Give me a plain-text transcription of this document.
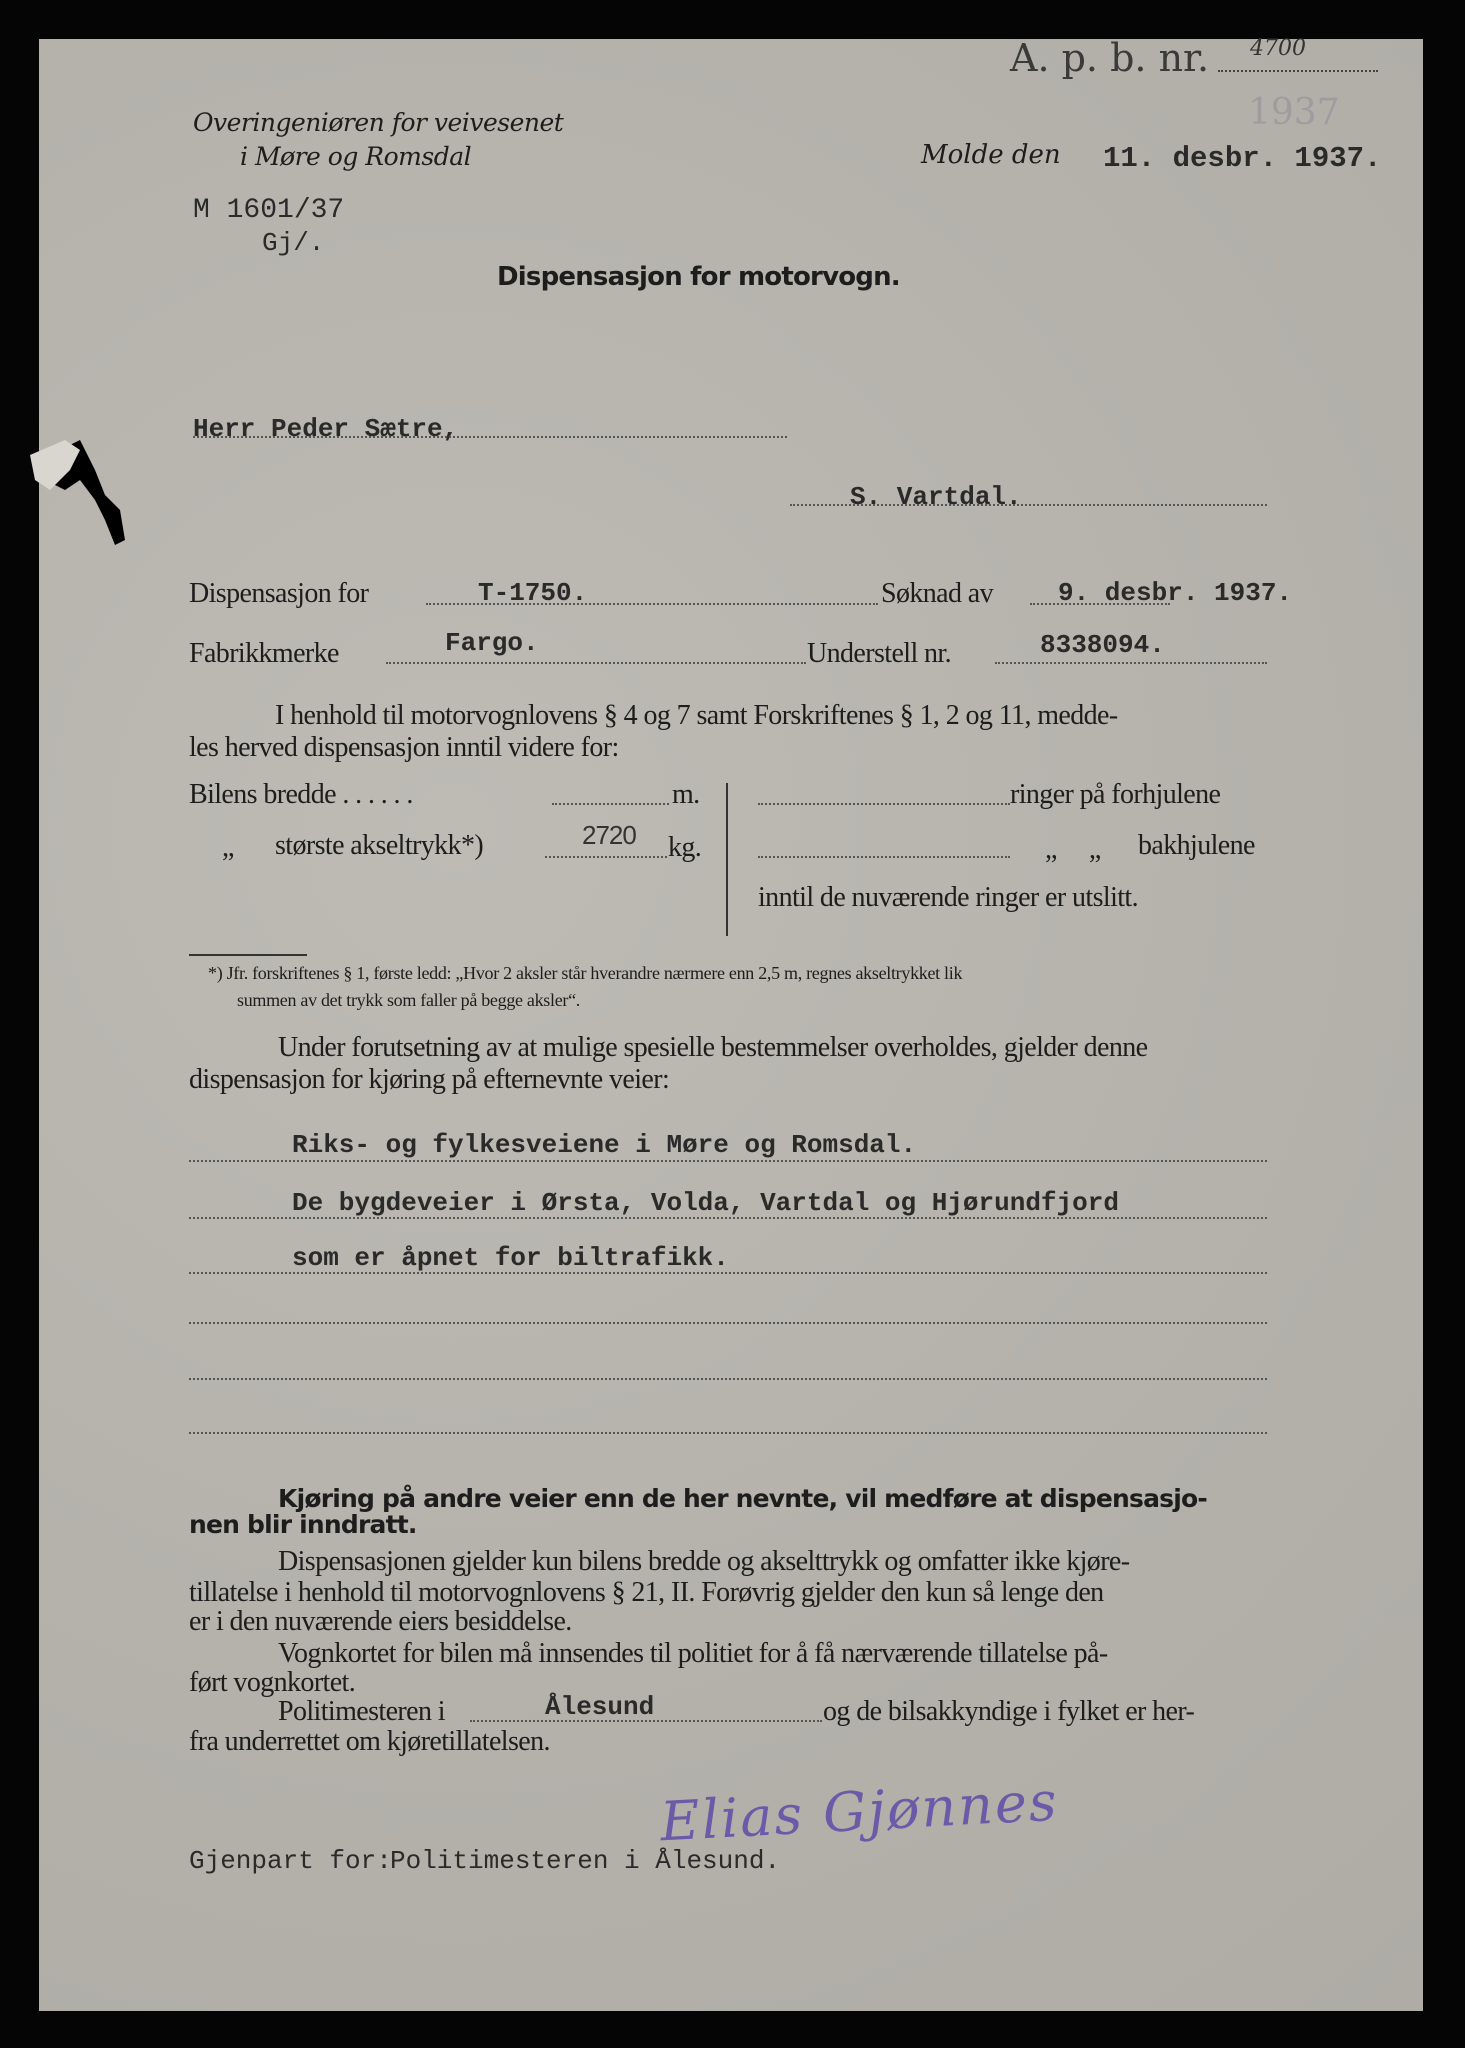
Overingeniøren for veivesenet
i Møre og Romsdal
A. p. b. nr. 4700
1937
Molde den 11. desbr. 1937.
M 1601/37
Gj/.
Dispensasjon for motorvogn.
Herr Peder Sætre,
S. Vartdal.
Dispensasjon for	T-1750.	Søknad av 9. desbr. 1937.
Fabrikkmerke	Fargo.	Understell nr.	8338094.
I henhold til motorvognlovens § 4 og 7 samt Forskriftenes § 1, 2 og 11, medde-
les herved dispensasjon inntil videre for:
Bilens bredde . . . . . .	m.
„ største akseltrykk*)	2720 kg.
ringer på forhjulene
„     „ bakhjulene
inntil de nuværende ringer er utslitt.
*) Jfr. forskriftenes § 1, første ledd: „Hvor 2 aksler står hverandre nærmere enn 2,5 m, regnes akseltrykket lik
summen av det trykk som faller på begge aksler“.
Under forutsetning av at mulige spesielle bestemmelser overholdes, gjelder denne
dispensasjon for kjøring på efternevnte veier:
Riks- og fylkesveiene i Møre og Romsdal.
De bygdeveier i Ørsta, Volda, Vartdal og Hjørundfjord
som er åpnet for biltrafikk.
Kjøring på andre veier enn de her nevnte, vil medføre at dispensasjo-
nen blir inndratt.
Dispensasjonen gjelder kun bilens bredde og akselttrykk og omfatter ikke kjøre-
tillatelse i henhold til motorvognlovens § 21, II. Forøvrig gjelder den kun så lenge den
er i den nuværende eiers besiddelse.
Vognkortet for bilen må innsendes til politiet for å få nærværende tillatelse på-
ført vognkortet.
Politimesteren i	Ålesund	og de bilsakkyndige i fylket er her-
fra underrettet om kjøretillatelsen.
Elias Gjønnes
Gjenpart for:
Politimesteren i Ålesund.
